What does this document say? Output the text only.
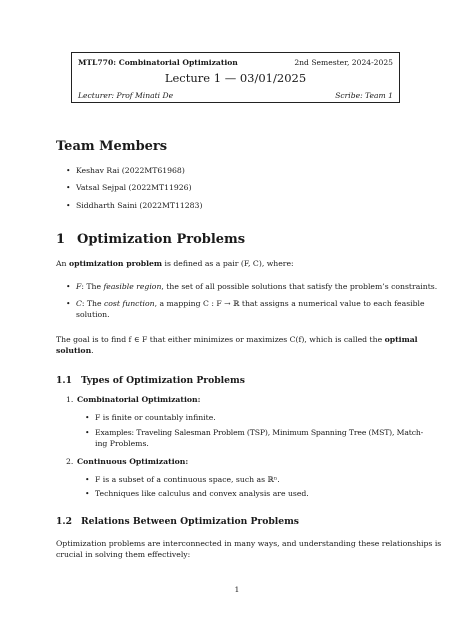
MTL770: Combinatorial Optimization	2nd Semester, 2024-2025
Lecture 1 — 03/01/2025
Lecturer: Prof Minati De	Scribe: Team 1
Team Members
• Keshav Rai (2022MT61968)
• Vatsal Sejpal (2022MT11926)
• Siddharth Saini (2022MT11283)
1 Optimization Problems
An optimization problem is defined as a pair (F, C), where:
• F: The feasible region, the set of all possible solutions that satisfy the problem’s constraints.
• C: The cost function, a mapping C : F → ℝ that assigns a numerical value to each feasible
solution.
The goal is to find f ∈ F that either minimizes or maximizes C(f), which is called the optimal
solution.
1.1 Types of Optimization Problems
1. Combinatorial Optimization:
• F is finite or countably infinite.
• Examples: Traveling Salesman Problem (TSP), Minimum Spanning Tree (MST), Match-
ing Problems.
2. Continuous Optimization:
• F is a subset of a continuous space, such as ℝⁿ.
• Techniques like calculus and convex analysis are used.
1.2 Relations Between Optimization Problems
Optimization problems are interconnected in many ways, and understanding these relationships is
crucial in solving them effectively:
1
